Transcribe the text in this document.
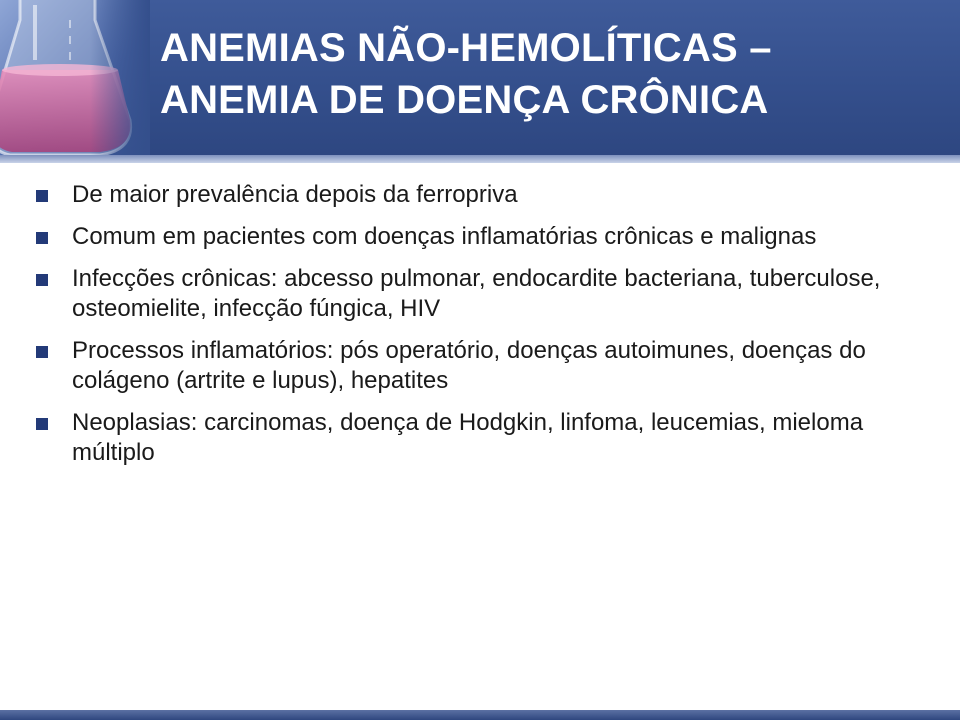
ANEMIAS NÃO-HEMOLÍTICAS –
ANEMIA DE DOENÇA CRÔNICA
De maior prevalência depois da ferropriva
Comum em pacientes com doenças inflamatórias crônicas e malignas
Infecções crônicas: abcesso pulmonar, endocardite bacteriana, tuberculose, osteomielite, infecção fúngica, HIV
Processos inflamatórios: pós operatório, doenças autoimunes, doenças do colágeno (artrite e lupus), hepatites
Neoplasias: carcinomas, doença de Hodgkin, linfoma, leucemias, mieloma múltiplo
